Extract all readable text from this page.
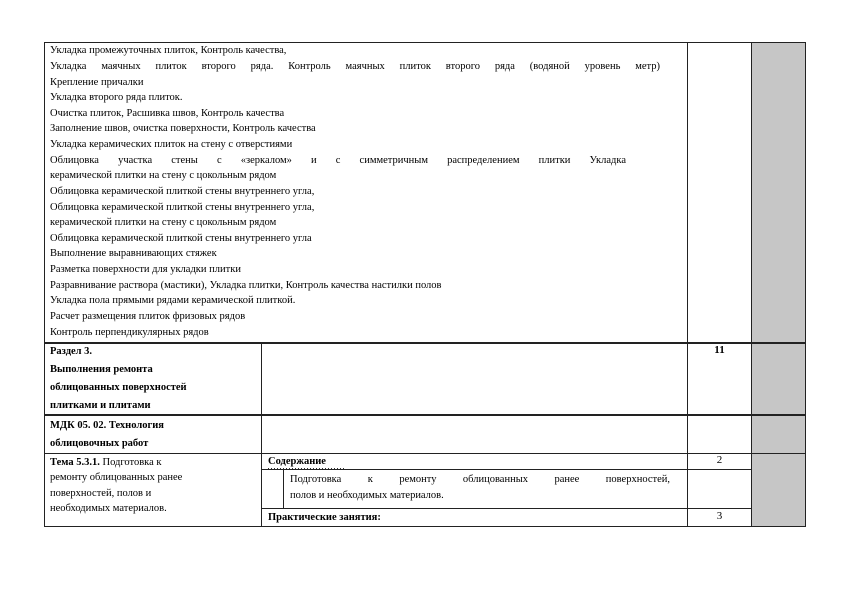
Укладка промежуточных плиток, Контроль качества,
Укладка маячных плиток второго ряда. Контроль маячных плиток второго ряда (водяной уровень метр)
Крепление причалки
Укладка второго ряда плиток.
Очистка плиток, Расшивка швов, Контроль качества
Заполнение швов, очистка поверхности, Контроль качества
Укладка керамических плиток на стену с отверстиями
Облицовка участка стены с «зеркалом» и с симметричным распределением плитки Укладка
керамической плитки на стену с цокольным рядом
Облицовка керамической плиткой стены внутреннего угла,
Облицовка керамической плиткой стены внутреннего угла,
керамической плитки на стену с цокольным рядом
Облицовка керамической плиткой стены внутреннего угла
Выполнение выравнивающих стяжек
Разметка поверхности для укладки плитки
Разравнивание раствора (мастики), Укладка плитки, Контроль качества настилки полов
Укладка пола прямыми рядами керамической плиткой.
Расчет размещения плиток фризовых рядов
Контроль перпендикулярных рядов
Раздел 3.
Выполнения ремонта
облицованных поверхностей
плитками и плитами
11
МДК 05. 02. Технология
облицовочных работ
Тема 5.3.1. Подготовка к
ремонту облицованных ранее
поверхностей, полов и
необходимых материалов.
Содержание	2
1 Подготовка к ремонту облицованных ранее поверхностей,
полов и необходимых материалов.
Практические занятия:	3
